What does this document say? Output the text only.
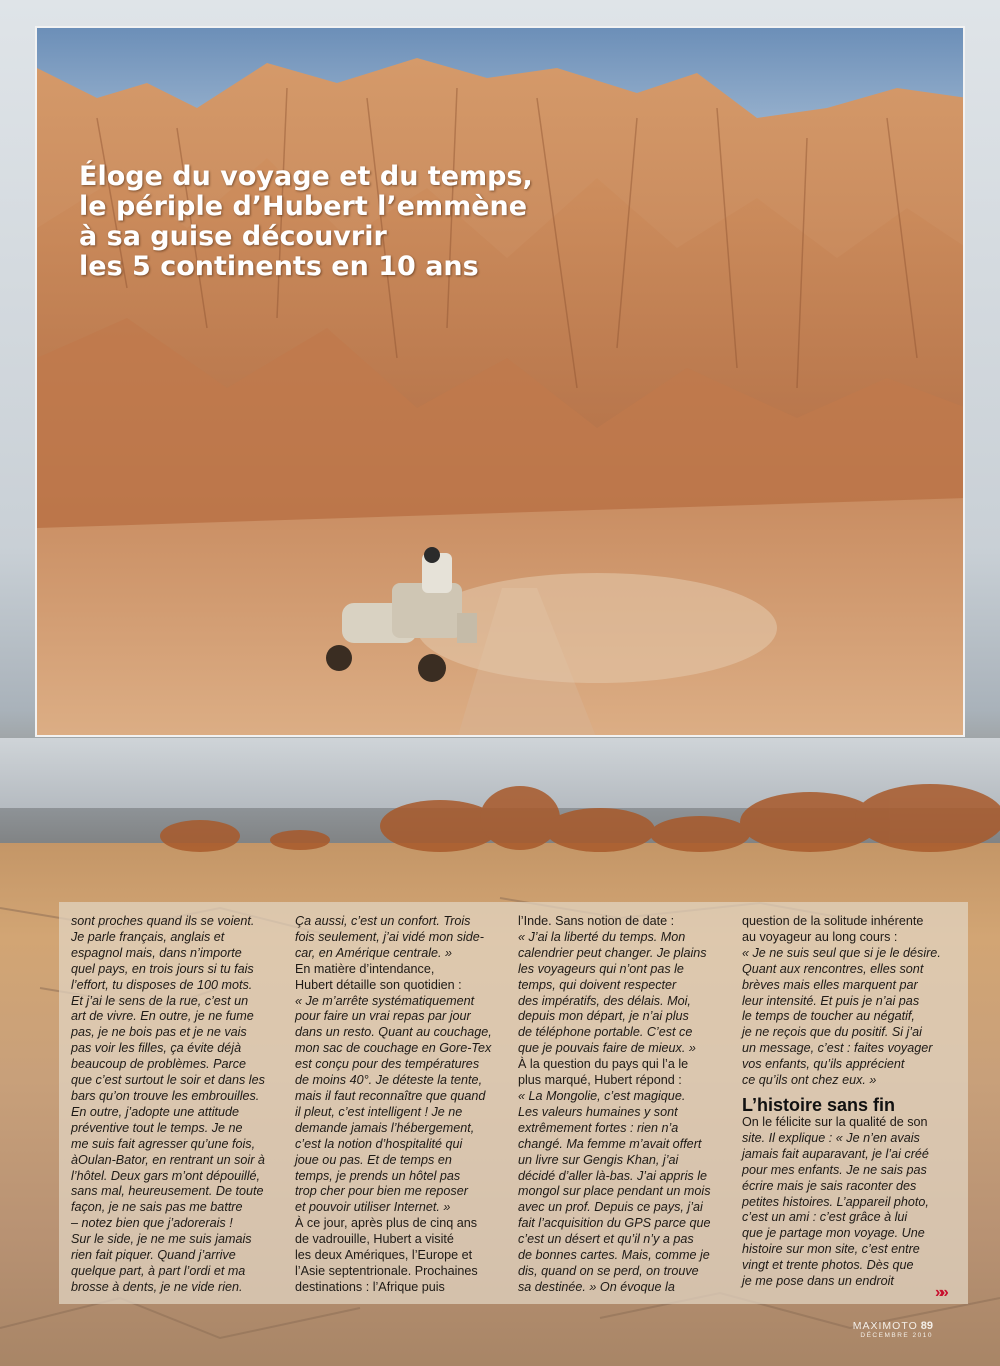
Éloge du voyage et du temps,
le périple d’Hubert l’emmène
à sa guise découvrir
les 5 continents en 10 ans

sont proches quand ils se voient.

Je parle français, anglais et

espagnol mais, dans n’importe

quel pays, en trois jours si tu fais

l’effort, tu disposes de 100 mots.

Et j’ai le sens de la rue, c’est un

art de vivre. En outre, je ne fume

pas, je ne bois pas et je ne vais

pas voir les filles, ça évite déjà

beaucoup de problèmes. Parce

que c’est surtout le soir et dans les

bars qu’on trouve les embrouilles.

En outre, j’adopte une attitude

préventive tout le temps. Je ne

me suis fait agresser qu’une fois,

àOulan-Bator, en rentrant un soir à

l’hôtel. Deux gars m’ont dépouillé,

sans mal, heureusement. De toute

façon, je ne sais pas me battre

– notez bien que j’adorerais !

Sur le side, je ne me suis jamais

rien fait piquer. Quand j’arrive

quelque part, à part l’ordi et ma

brosse à dents, je ne vide rien.

Ça aussi, c’est un confort. Trois

fois seulement, j’ai vidé mon side-

car, en Amérique centrale. »

En matière d’intendance,

Hubert détaille son quotidien :

« Je m’arrête systématiquement

pour faire un vrai repas par jour

dans un resto. Quant au couchage,

mon sac de couchage en Gore-Tex

est conçu pour des températures

de moins 40°. Je déteste la tente,

mais il faut reconnaître que quand

il pleut, c’est intelligent ! Je ne

demande jamais l’hébergement,

c’est la notion d’hospitalité qui

joue ou pas. Et de temps en

temps, je prends un hôtel pas

trop cher pour bien me reposer

et pouvoir utiliser Internet. »

À ce jour, après plus de cinq ans

de vadrouille, Hubert a visité

les deux Amériques, l’Europe et

l’Asie septentrionale. Prochaines

destinations : l’Afrique puis

l’Inde. Sans notion de date :

« J’ai la liberté du temps. Mon

calendrier peut changer. Je plains

les voyageurs qui n’ont pas le

temps, qui doivent respecter

des impératifs, des délais. Moi,

depuis mon départ, je n’ai plus

de téléphone portable. C’est ce

que je pouvais faire de mieux. »

À la question du pays qui l’a le

plus marqué, Hubert répond :

« La Mongolie, c’est magique.

Les valeurs humaines y sont

extrêmement fortes : rien n’a

changé. Ma femme m’avait offert

un livre sur Gengis Khan, j’ai

décidé d’aller là-bas. J’ai appris le

mongol sur place pendant un mois

avec un prof. Depuis ce pays, j’ai

fait l’acquisition du GPS parce que

c’est un désert et qu’il n’y a pas

de bonnes cartes. Mais, comme je

dis, quand on se perd, on trouve

sa destinée. » On évoque la

question de la solitude inhérente

au voyageur au long cours :

« Je ne suis seul que si je le désire.

Quant aux rencontres, elles sont

brèves mais elles marquent par

leur intensité. Et puis je n’ai pas

le temps de toucher au négatif,

je ne reçois que du positif. Si j’ai

un message, c’est : faites voyager

vos enfants, qu’ils apprécient

ce qu’ils ont chez eux. »

L’histoire sans fin

On le félicite sur la qualité de son

site. Il explique : « Je n’en avais

jamais fait auparavant, je l’ai créé

pour mes enfants. Je ne sais pas

écrire mais je sais raconter des

petites histoires. L’appareil photo,

c’est un ami : c’est grâce à lui

que je partage mon voyage. Une

histoire sur mon site, c’est entre

vingt et trente photos. Dès que

je me pose dans un endroit

»»
MAXIMOTO 89
DÉCEMBRE 2010
